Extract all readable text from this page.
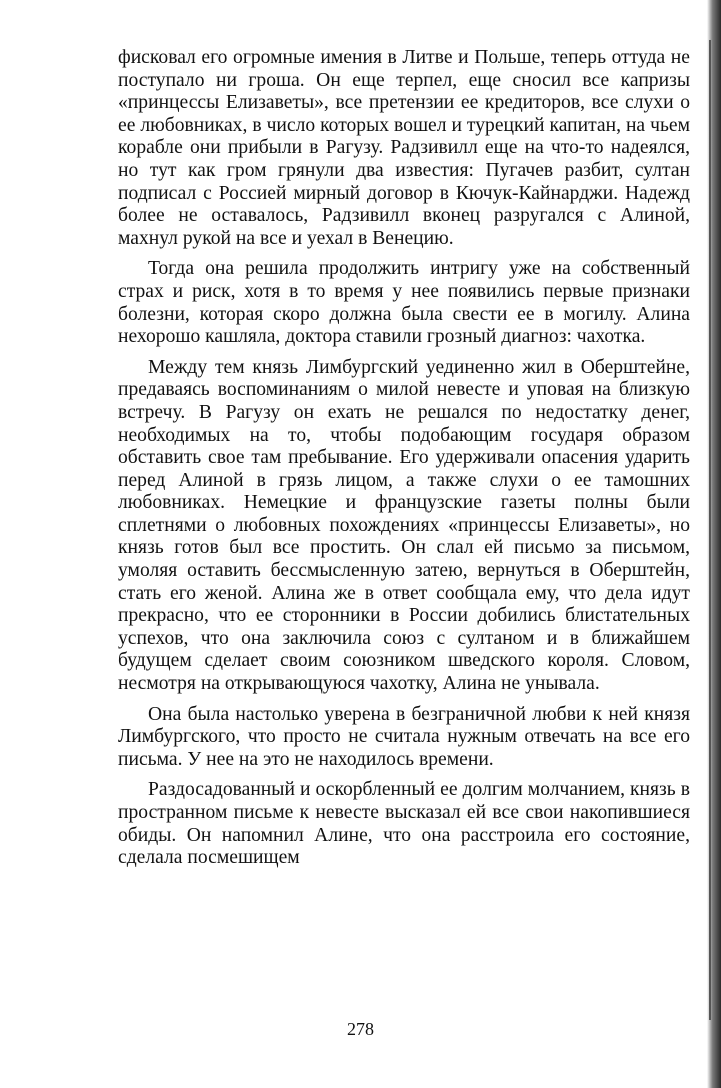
фисковал его огромные имения в Литве и Польше, теперь оттуда не поступало ни гроша. Он еще терпел, еще сносил все капризы «принцессы Елизаветы», все претензии ее кредиторов, все слухи о ее любовниках, в число которых вошел и турецкий капитан, на чьем корабле они прибыли в Рагузу. Радзивилл еще на что-то надеялся, но тут как гром грянули два известия: Пугачев разбит, султан подписал с Россией мирный договор в Кючук-Кайнарджи. Надежд более не оставалось, Радзивилл вконец разругался с Алиной, махнул рукой на все и уехал в Венецию.

Тогда она решила продолжить интригу уже на собственный страх и риск, хотя в то время у нее появились первые признаки болезни, которая скоро должна была свести ее в могилу. Алина нехорошо кашляла, доктора ставили грозный диагноз: чахотка.

Между тем князь Лимбургский уединенно жил в Оберштейне, предаваясь воспоминаниям о милой невесте и уповая на близкую встречу. В Рагузу он ехать не решался по недостатку денег, необходимых на то, чтобы подобающим государя образом обставить свое там пребывание. Его удерживали опасения ударить перед Алиной в грязь лицом, а также слухи о ее тамошних любовниках. Немецкие и французские газеты полны были сплетнями о любовных похождениях «принцессы Елизаветы», но князь готов был все простить. Он слал ей письмо за письмом, умоляя оставить бессмысленную затею, вернуться в Оберштейн, стать его женой. Алина же в ответ сообщала ему, что дела идут прекрасно, что ее сторонники в России добились блистательных успехов, что она заключила союз с султаном и в ближайшем будущем сделает своим союзником шведского короля. Словом, несмотря на открывающуюся чахотку, Алина не унывала.

Она была настолько уверена в безграничной любви к ней князя Лимбургского, что просто не считала нужным отвечать на все его письма. У нее на это не находилось времени.

Раздосадованный и оскорбленный ее долгим молчанием, князь в пространном письме к невесте высказал ей все свои накопившиеся обиды. Он напомнил Алине, что она расстроила его состояние, сделала посмешищем

278
